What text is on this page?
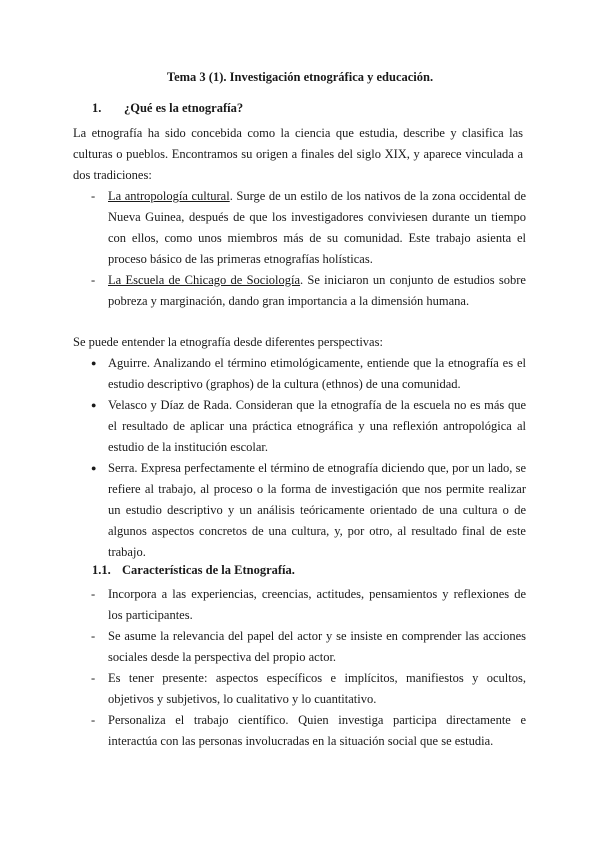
Tema 3 (1). Investigación etnográfica y educación.
1. ¿Qué es la etnografía?
La etnografía ha sido concebida como la ciencia que estudia, describe y clasifica las culturas o pueblos. Encontramos su origen a finales del siglo XIX, y aparece vinculada a dos tradiciones:
-	La antropología cultural. Surge de un estilo de los nativos de la zona occidental de Nueva Guinea, después de que los investigadores conviviesen durante un tiempo con ellos, como unos miembros más de su comunidad. Este trabajo asienta el proceso básico de las primeras etnografías holísticas.
-	La Escuela de Chicago de Sociología. Se iniciaron un conjunto de estudios sobre pobreza y marginación, dando gran importancia a la dimensión humana.
Se puede entender la etnografía desde diferentes perspectivas:
● Aguirre. Analizando el término etimológicamente, entiende que la etnografía es el estudio descriptivo (graphos) de la cultura (ethnos) de una comunidad.
● Velasco y Díaz de Rada. Consideran que la etnografía de la escuela no es más que el resultado de aplicar una práctica etnográfica y una reflexión antropológica al estudio de la institución escolar.
● Serra. Expresa perfectamente el término de etnografía diciendo que, por un lado, se refiere al trabajo, al proceso o la forma de investigación que nos permite realizar un estudio descriptivo y un análisis teóricamente orientado de una cultura o de algunos aspectos concretos de una cultura, y, por otro, al resultado final de este trabajo.
1.1. Características de la Etnografía.
-	Incorpora a las experiencias, creencias, actitudes, pensamientos y reflexiones de los participantes.
-	Se asume la relevancia del papel del actor y se insiste en comprender las acciones sociales desde la perspectiva del propio actor.
-	Es tener presente: aspectos específicos e implícitos, manifiestos y ocultos, objetivos y subjetivos, lo cualitativo y lo cuantitativo.
-	Personaliza el trabajo científico. Quien investiga participa directamente e interactúa con las personas involucradas en la situación social que se estudia.
